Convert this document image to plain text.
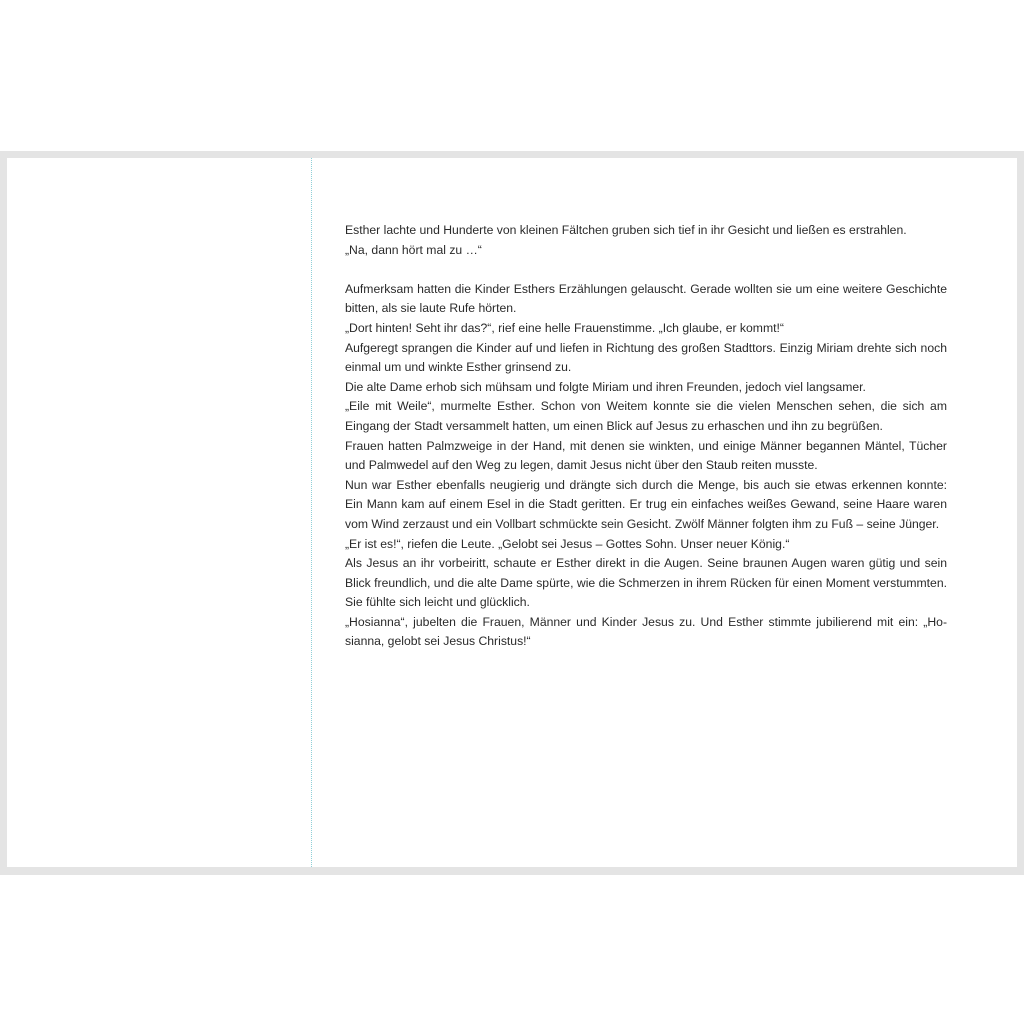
Esther lachte und Hunderte von kleinen Fältchen gruben sich tief in ihr Gesicht und ließen es erstrahlen.

„Na, dann hört mal zu …“

Aufmerksam hatten die Kinder Esthers Erzählungen gelauscht. Gerade wollten sie um eine weitere Geschichte bitten, als sie laute Rufe hörten.

„Dort hinten! Seht ihr das?“, rief eine helle Frauenstimme. „Ich glaube, er kommt!“

Aufgeregt sprangen die Kinder auf und liefen in Richtung des großen Stadttors. Einzig Miriam drehte sich noch einmal um und winkte Esther grinsend zu.

Die alte Dame erhob sich mühsam und folgte Miriam und ihren Freunden, jedoch viel langsamer.

„Eile mit Weile“, murmelte Esther. Schon von Weitem konnte sie die vielen Menschen sehen, die sich am Eingang der Stadt versammelt hatten, um einen Blick auf Jesus zu erhaschen und ihn zu begrüßen.

Frauen hatten Palmzweige in der Hand, mit denen sie winkten, und einige Männer begannen Mäntel, Tücher und Palmwedel auf den Weg zu legen, damit Jesus nicht über den Staub reiten musste.

Nun war Esther ebenfalls neugierig und drängte sich durch die Menge, bis auch sie etwas erkennen konnte: Ein Mann kam auf einem Esel in die Stadt geritten. Er trug ein einfaches weißes Gewand, seine Haare waren vom Wind zerzaust und ein Vollbart schmückte sein Gesicht. Zwölf Männer folgten ihm zu Fuß – seine Jünger.

„Er ist es!“, riefen die Leute. „Gelobt sei Jesus – Gottes Sohn. Unser neuer König.“

Als Jesus an ihr vorbeiritt, schaute er Esther direkt in die Augen. Seine braunen Augen waren gütig und sein Blick freundlich, und die alte Dame spürte, wie die Schmerzen in ihrem Rücken für einen Moment verstummten. Sie fühlte sich leicht und glücklich.

„Hosianna“, jubelten die Frauen, Männer und Kinder Jesus zu. Und Esther stimmte jubilierend mit ein: „Hosianna, gelobt sei Jesus Christus!“
